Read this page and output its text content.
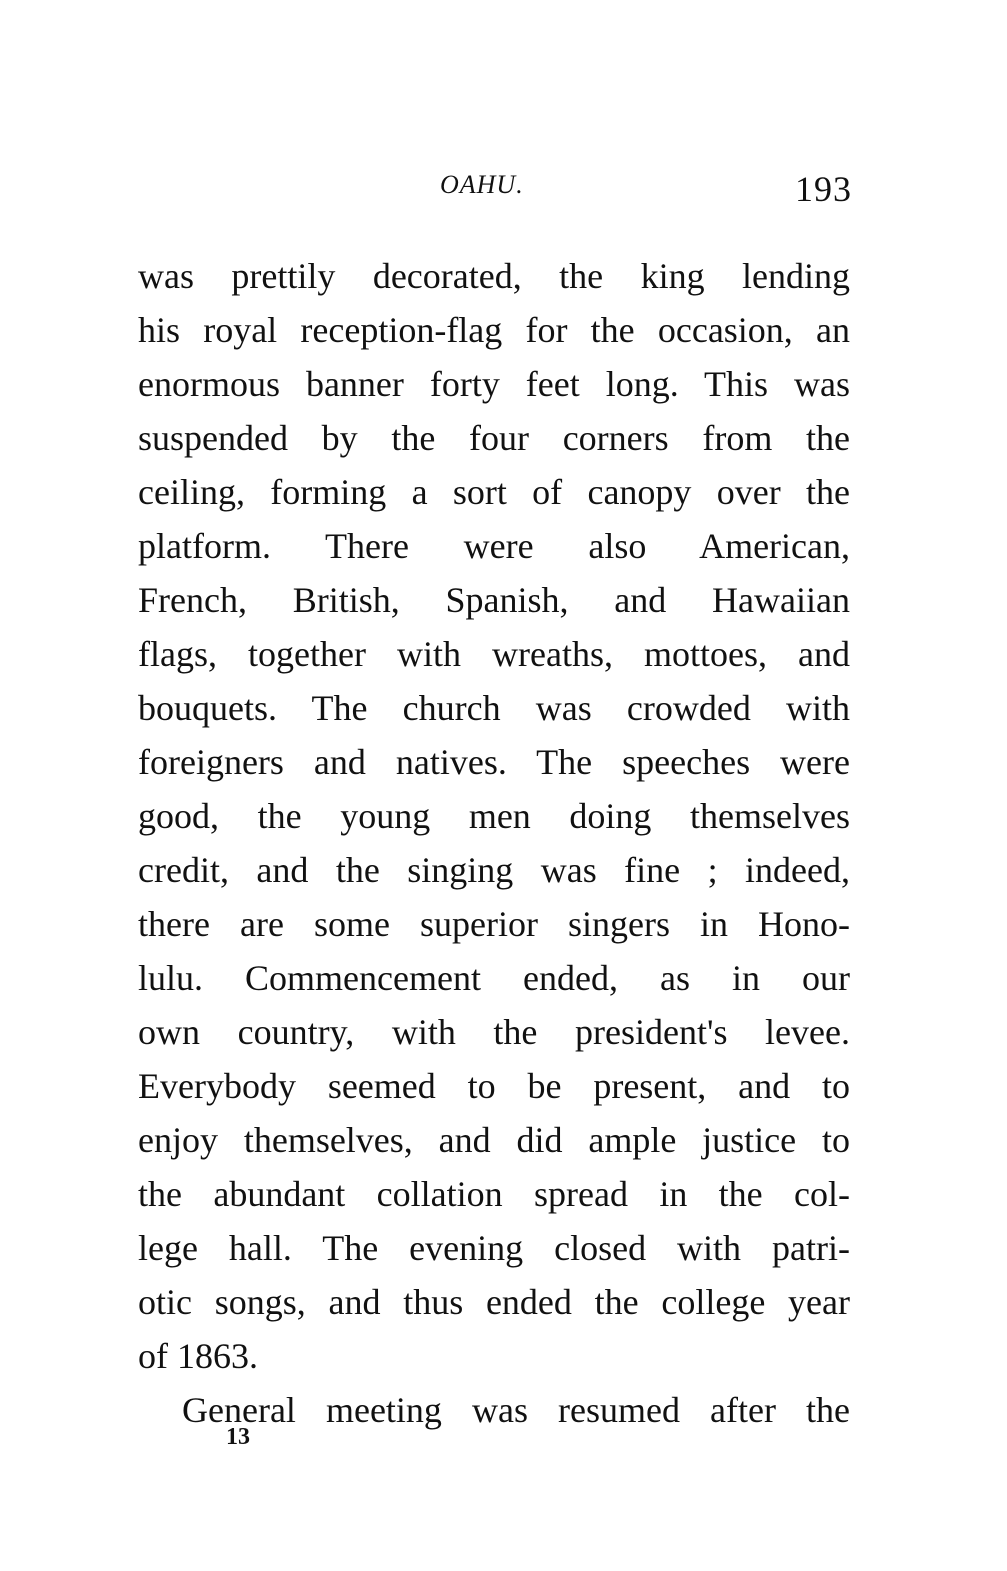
OAHU.	193
was prettily decorated, the king lending
his royal reception-flag for the occasion, an
enormous banner forty feet long. This was
suspended by the four corners from the
ceiling, forming a sort of canopy over the
platform. There were also American,
French, British, Spanish, and Hawaiian
flags, together with wreaths, mottoes, and
bouquets. The church was crowded with
foreigners and natives. The speeches were
good, the young men doing themselves
credit, and the singing was fine ; indeed,
there are some superior singers in Hono-
lulu. Commencement ended, as in our
own country, with the president's levee.
Everybody seemed to be present, and to
enjoy themselves, and did ample justice to
the abundant collation spread in the col-
lege hall. The evening closed with patri-
otic songs, and thus ended the college year
of 1863.
General meeting was resumed after the
13
